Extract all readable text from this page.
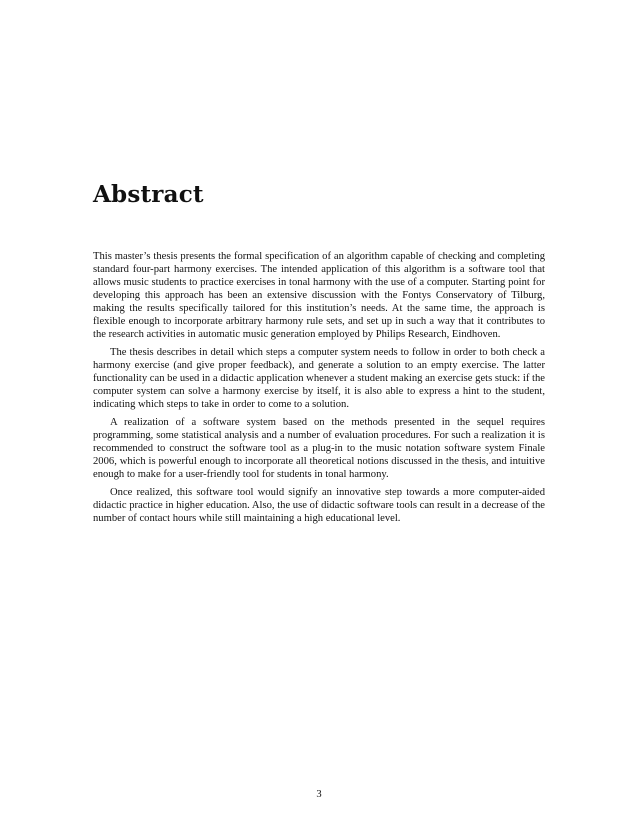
Abstract

This master’s thesis presents the formal specification of an algorithm capable of checking and completing standard four-part harmony exercises. The intended application of this algorithm is a software tool that allows music students to practice exercises in tonal harmony with the use of a computer. Starting point for developing this approach has been an extensive discussion with the Fontys Conservatory of Tilburg, making the results specifically tailored for this institution’s needs. At the same time, the approach is flexible enough to incorporate arbitrary harmony rule sets, and set up in such a way that it contributes to the research activities in automatic music generation employed by Philips Research, Eindhoven.

The thesis describes in detail which steps a computer system needs to follow in order to both check a harmony exercise (and give proper feedback), and generate a solution to an empty exercise. The latter functionality can be used in a didactic application whenever a student making an exercise gets stuck: if the computer system can solve a harmony exercise by itself, it is also able to express a hint to the student, indicating which steps to take in order to come to a solution.

A realization of a software system based on the methods presented in the sequel requires programming, some statistical analysis and a number of evaluation procedures. For such a realization it is recommended to construct the software tool as a plug-in to the music notation software system Finale 2006, which is powerful enough to incorporate all theoretical notions discussed in the thesis, and intuitive enough to make for a user-friendly tool for students in tonal harmony.

Once realized, this software tool would signify an innovative step towards a more computer-aided didactic practice in higher education. Also, the use of didactic software tools can result in a decrease of the number of contact hours while still maintaining a high educational level.

3
